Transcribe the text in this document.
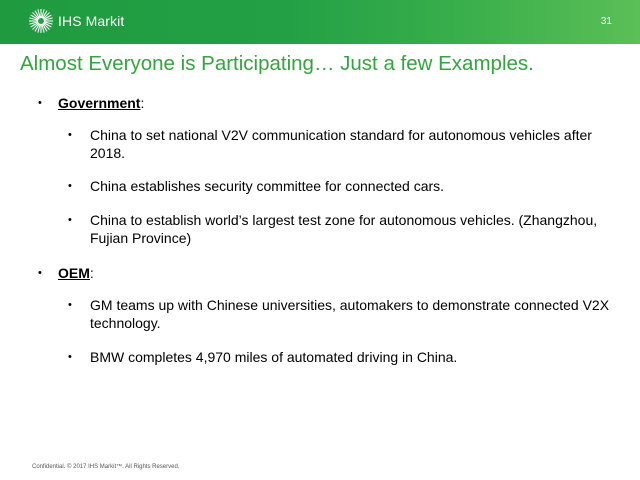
IHS Markit	31
Almost Everyone is Participating… Just a few Examples.
•	Government:
•	China to set national V2V communication standard for autonomous vehicles after 2018.
•	China establishes security committee for connected cars.
•	China to establish world’s largest test zone for autonomous vehicles. (Zhangzhou, Fujian Province)
•	OEM:
•	GM teams up with Chinese universities, automakers to demonstrate connected V2X technology.
•	BMW completes 4,970 miles of automated driving in China.
Confidential. © 2017 IHS Markit™. All Rights Reserved.
